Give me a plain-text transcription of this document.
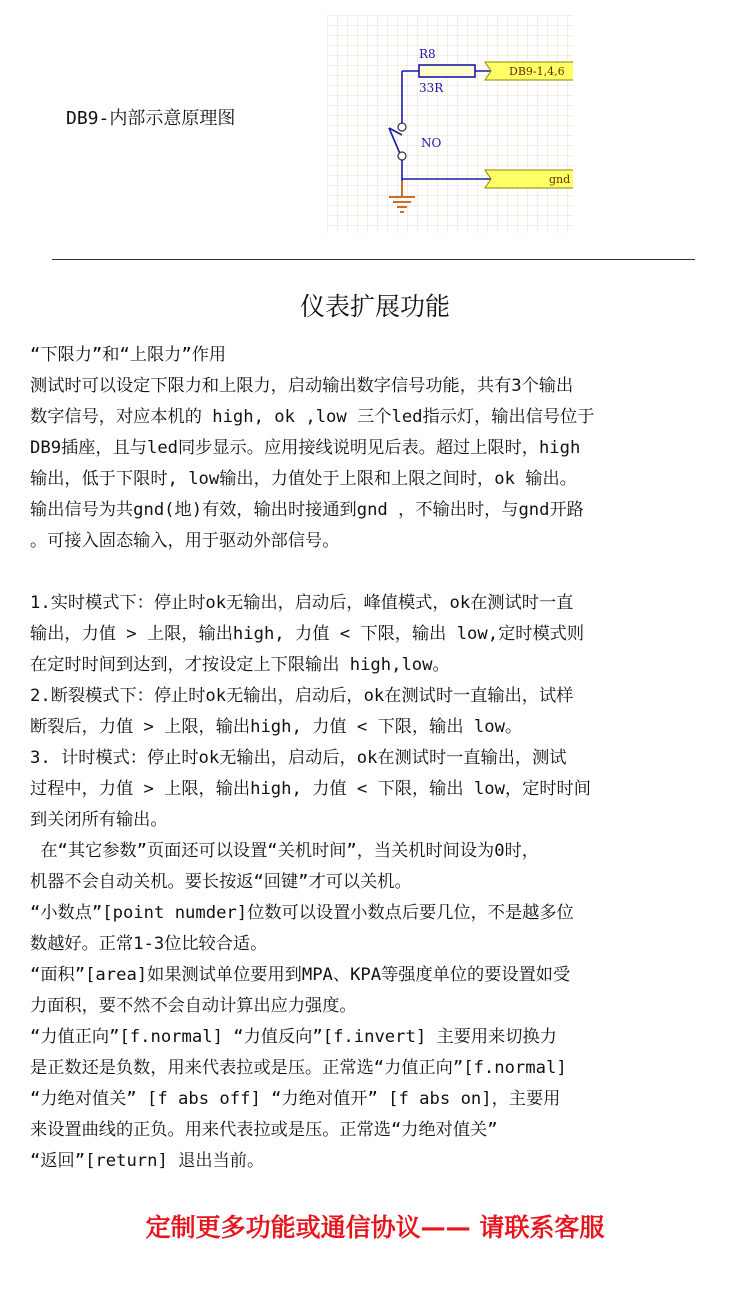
DB9-内部示意原理图
R8
33R
NO
DB9-1,4,6
gnd
仪表扩展功能
“下限力”和“上限力”作用
测试时可以设定下限力和上限力，启动输出数字信号功能，共有3个输出
数字信号，对应本机的 high, ok ,low 三个led指示灯，输出信号位于
DB9插座，且与led同步显示。应用接线说明见后表。超过上限时，high
输出，低于下限时, low输出，力值处于上限和上限之间时，ok 输出。
输出信号为共gnd(地)有效，输出时接通到gnd ，不输出时，与gnd开路
。可接入固态输入，用于驱动外部信号。
1.实时模式下：停止时ok无输出，启动后，峰值模式，ok在测试时一直
输出，力值 > 上限，输出high, 力值 < 下限，输出 low,定时模式则
在定时时间到达到，才按设定上下限输出 high,low。
2.断裂模式下：停止时ok无输出，启动后，ok在测试时一直输出，试样
断裂后，力值 > 上限，输出high, 力值 < 下限，输出 low。
3. 计时模式：停止时ok无输出，启动后，ok在测试时一直输出，测试
过程中，力值 > 上限，输出high, 力值 < 下限，输出 low，定时时间
到关闭所有输出。
在“其它参数”页面还可以设置“关机时间”，当关机时间设为0时，
机器不会自动关机。要长按返“回键”才可以关机。
“小数点”[point numder]位数可以设置小数点后要几位，不是越多位
数越好。正常1-3位比较合适。
“面积”[area]如果测试单位要用到MPA、KPA等强度单位的要设置如受
力面积，要不然不会自动计算出应力强度。
“力值正向”[f.normal] “力值反向”[f.invert] 主要用来切换力
是正数还是负数，用来代表拉或是压。正常选“力值正向”[f.normal]
“力绝对值关” [f abs off] “力绝对值开” [f abs on]，主要用
来设置曲线的正负。用来代表拉或是压。正常选“力绝对值关”
“返回”[return] 退出当前。
定制更多功能或通信协议—— 请联系客服
